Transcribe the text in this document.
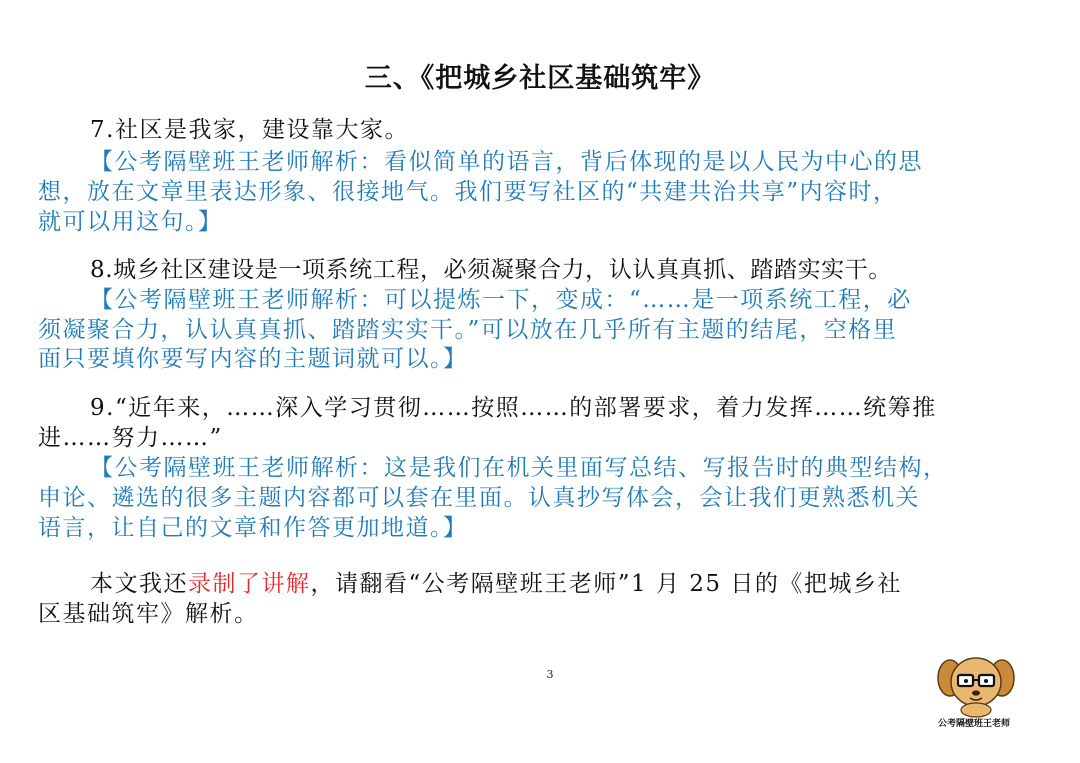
三、《把城乡社区基础筑牢》
7.社区是我家，建设靠大家。
【公考隔壁班王老师解析：看似简单的语言，背后体现的是以人民为中心的思
想，放在文章里表达形象、很接地气。我们要写社区的“共建共治共享”内容时，
就可以用这句。】
8.城乡社区建设是一项系统工程，必须凝聚合力，认认真真抓、踏踏实实干。
【公考隔壁班王老师解析：可以提炼一下，变成：“……是一项系统工程，必
须凝聚合力，认认真真抓、踏踏实实干。”可以放在几乎所有主题的结尾，空格里
面只要填你要写内容的主题词就可以。】
9.“近年来，……深入学习贯彻……按照……的部署要求，着力发挥……统筹推
进……努力……”
【公考隔壁班王老师解析：这是我们在机关里面写总结、写报告时的典型结构，
申论、遴选的很多主题内容都可以套在里面。认真抄写体会，会让我们更熟悉机关
语言，让自己的文章和作答更加地道。】
本文我还录制了讲解，请翻看“公考隔壁班王老师”1 月 25 日的《把城乡社
区基础筑牢》解析。
3
公考隔壁班王老师
